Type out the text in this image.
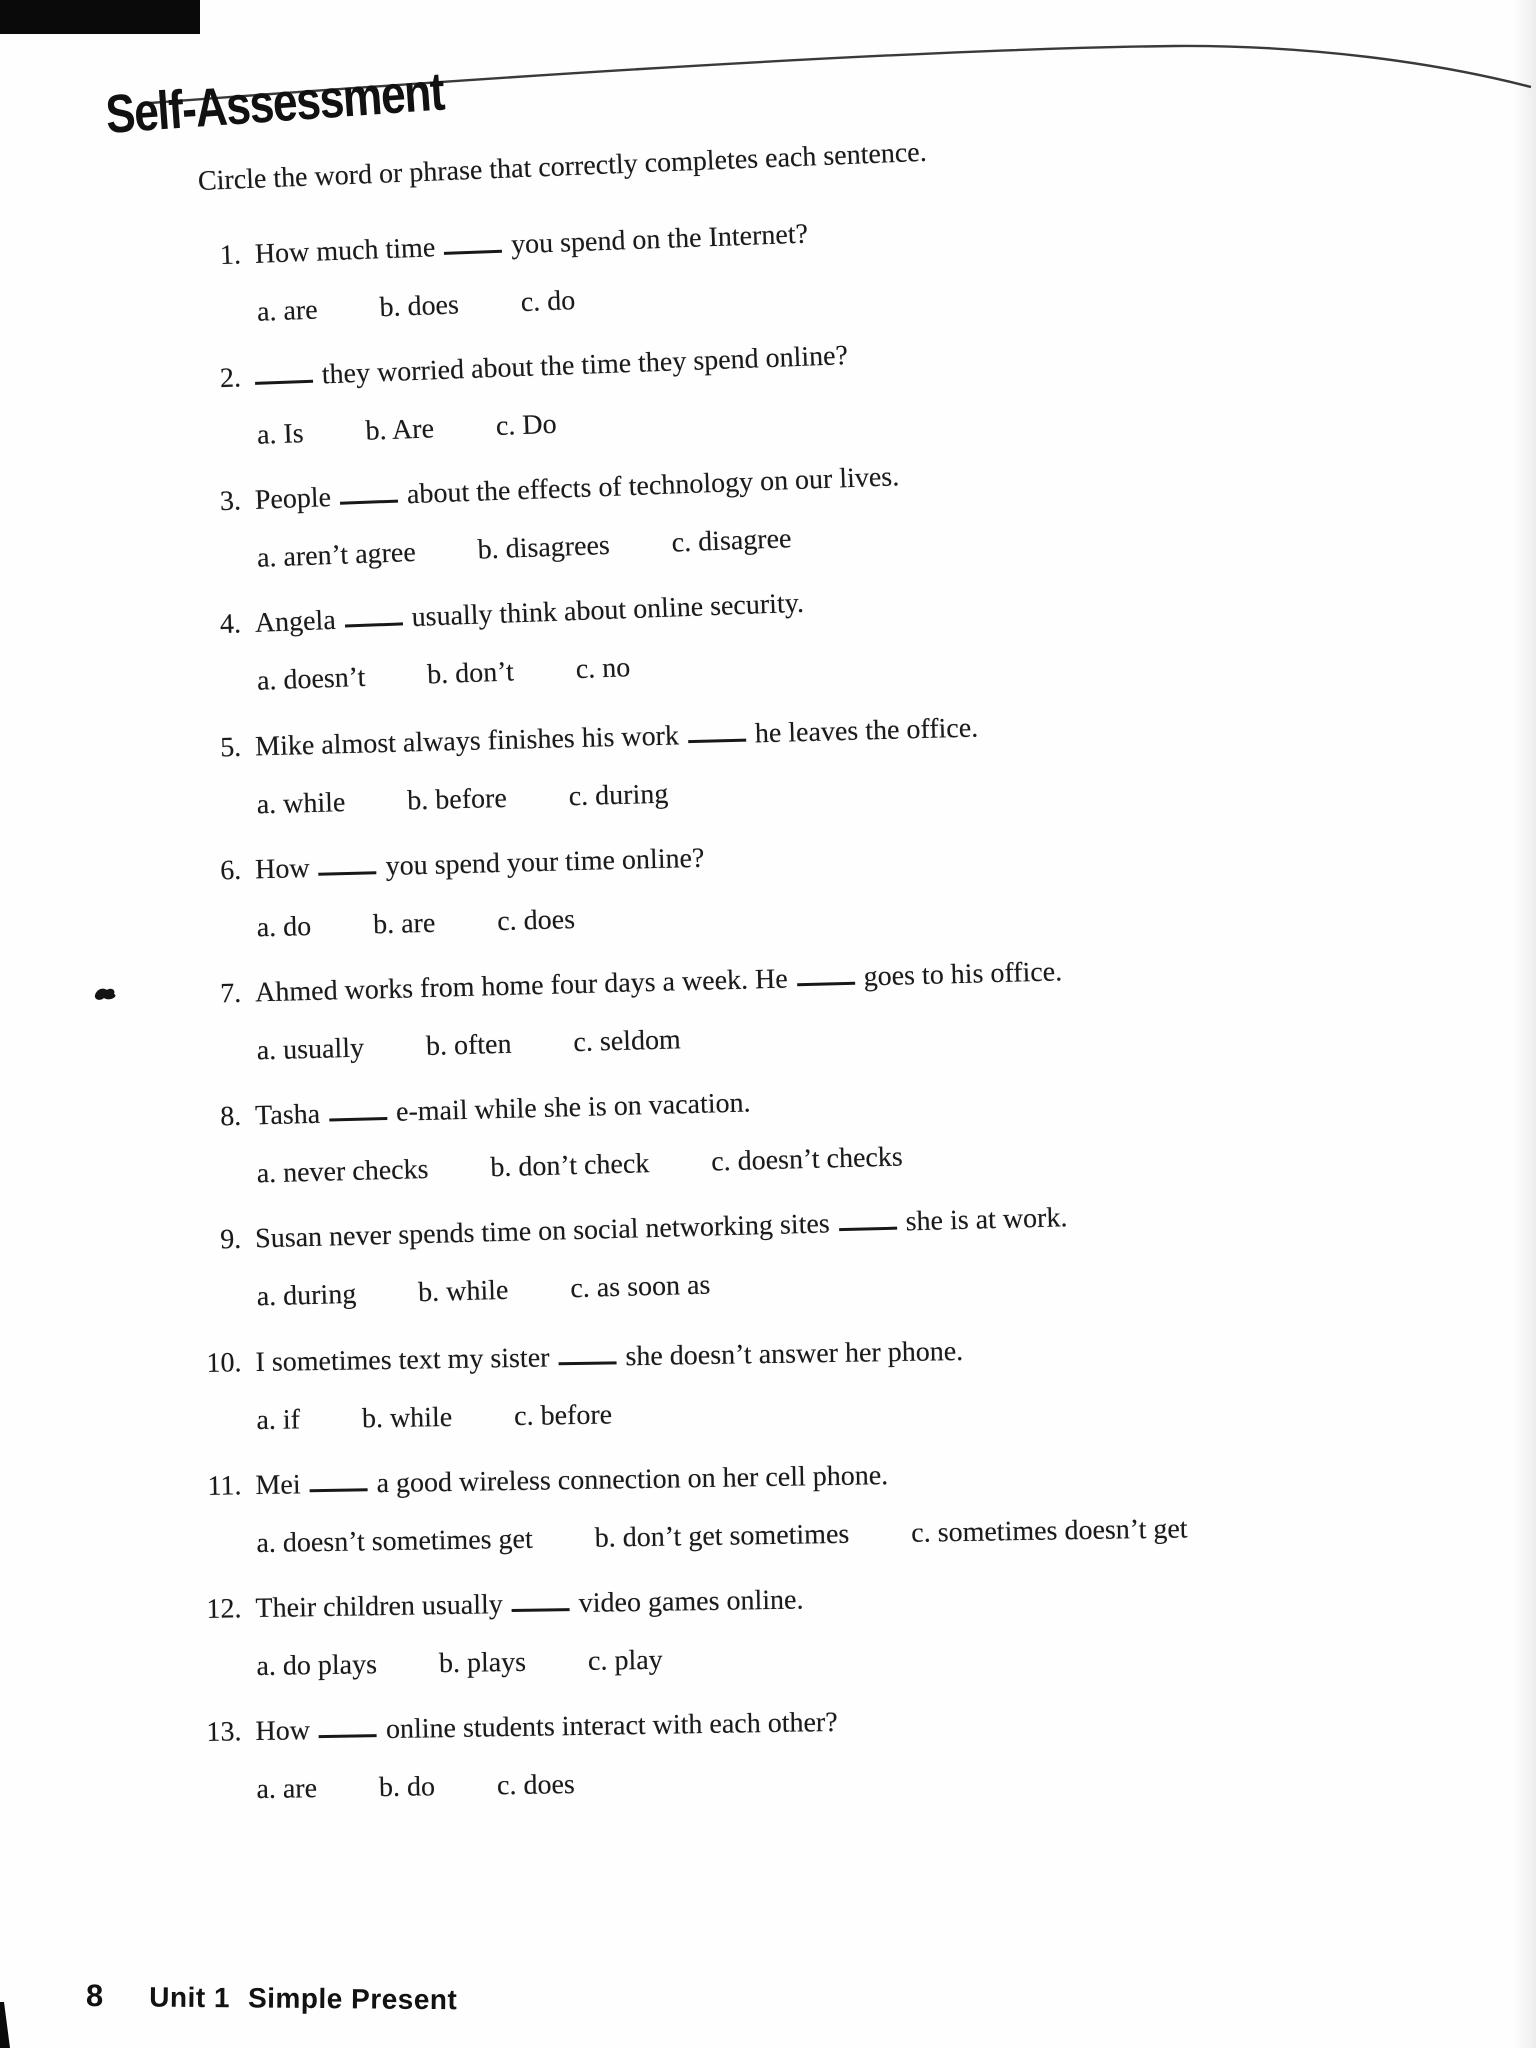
Self-Assessment
Circle the word or phrase that correctly completes each sentence.
1. How much time	you spend on the Internet?
a. are b. does c. do
2.	they worried about the time they spend online?
a. Is b. Are c. Do
3. People	about the effects of technology on our lives.
a. aren’t agree b. disagrees c. disagree
4. Angela	usually think about online security.
a. doesn’t b. don’t c. no
5. Mike almost always finishes his work	he leaves the office.
a. while b. before c. during
6. How	you spend your time online?
a. do b. are c. does
7. Ahmed works from home four days a week. He	goes to his office.
a. usually b. often c. seldom
8. Tasha	e-mail while she is on vacation.
a. never checks b. don’t check c. doesn’t checks
9. Susan never spends time on social networking sites	she is at work.
a. during b. while c. as soon as
10. I sometimes text my sister	she doesn’t answer her phone.
a. if b. while c. before
11. Mei	a good wireless connection on her cell phone.
a. doesn’t sometimes get b. don’t get sometimes c. sometimes doesn’t get
12. Their children usually	video games online.
a. do plays b. plays c. play
13. How	online students interact with each other?
a. are b. do c. does
8 Unit 1 Simple Present
